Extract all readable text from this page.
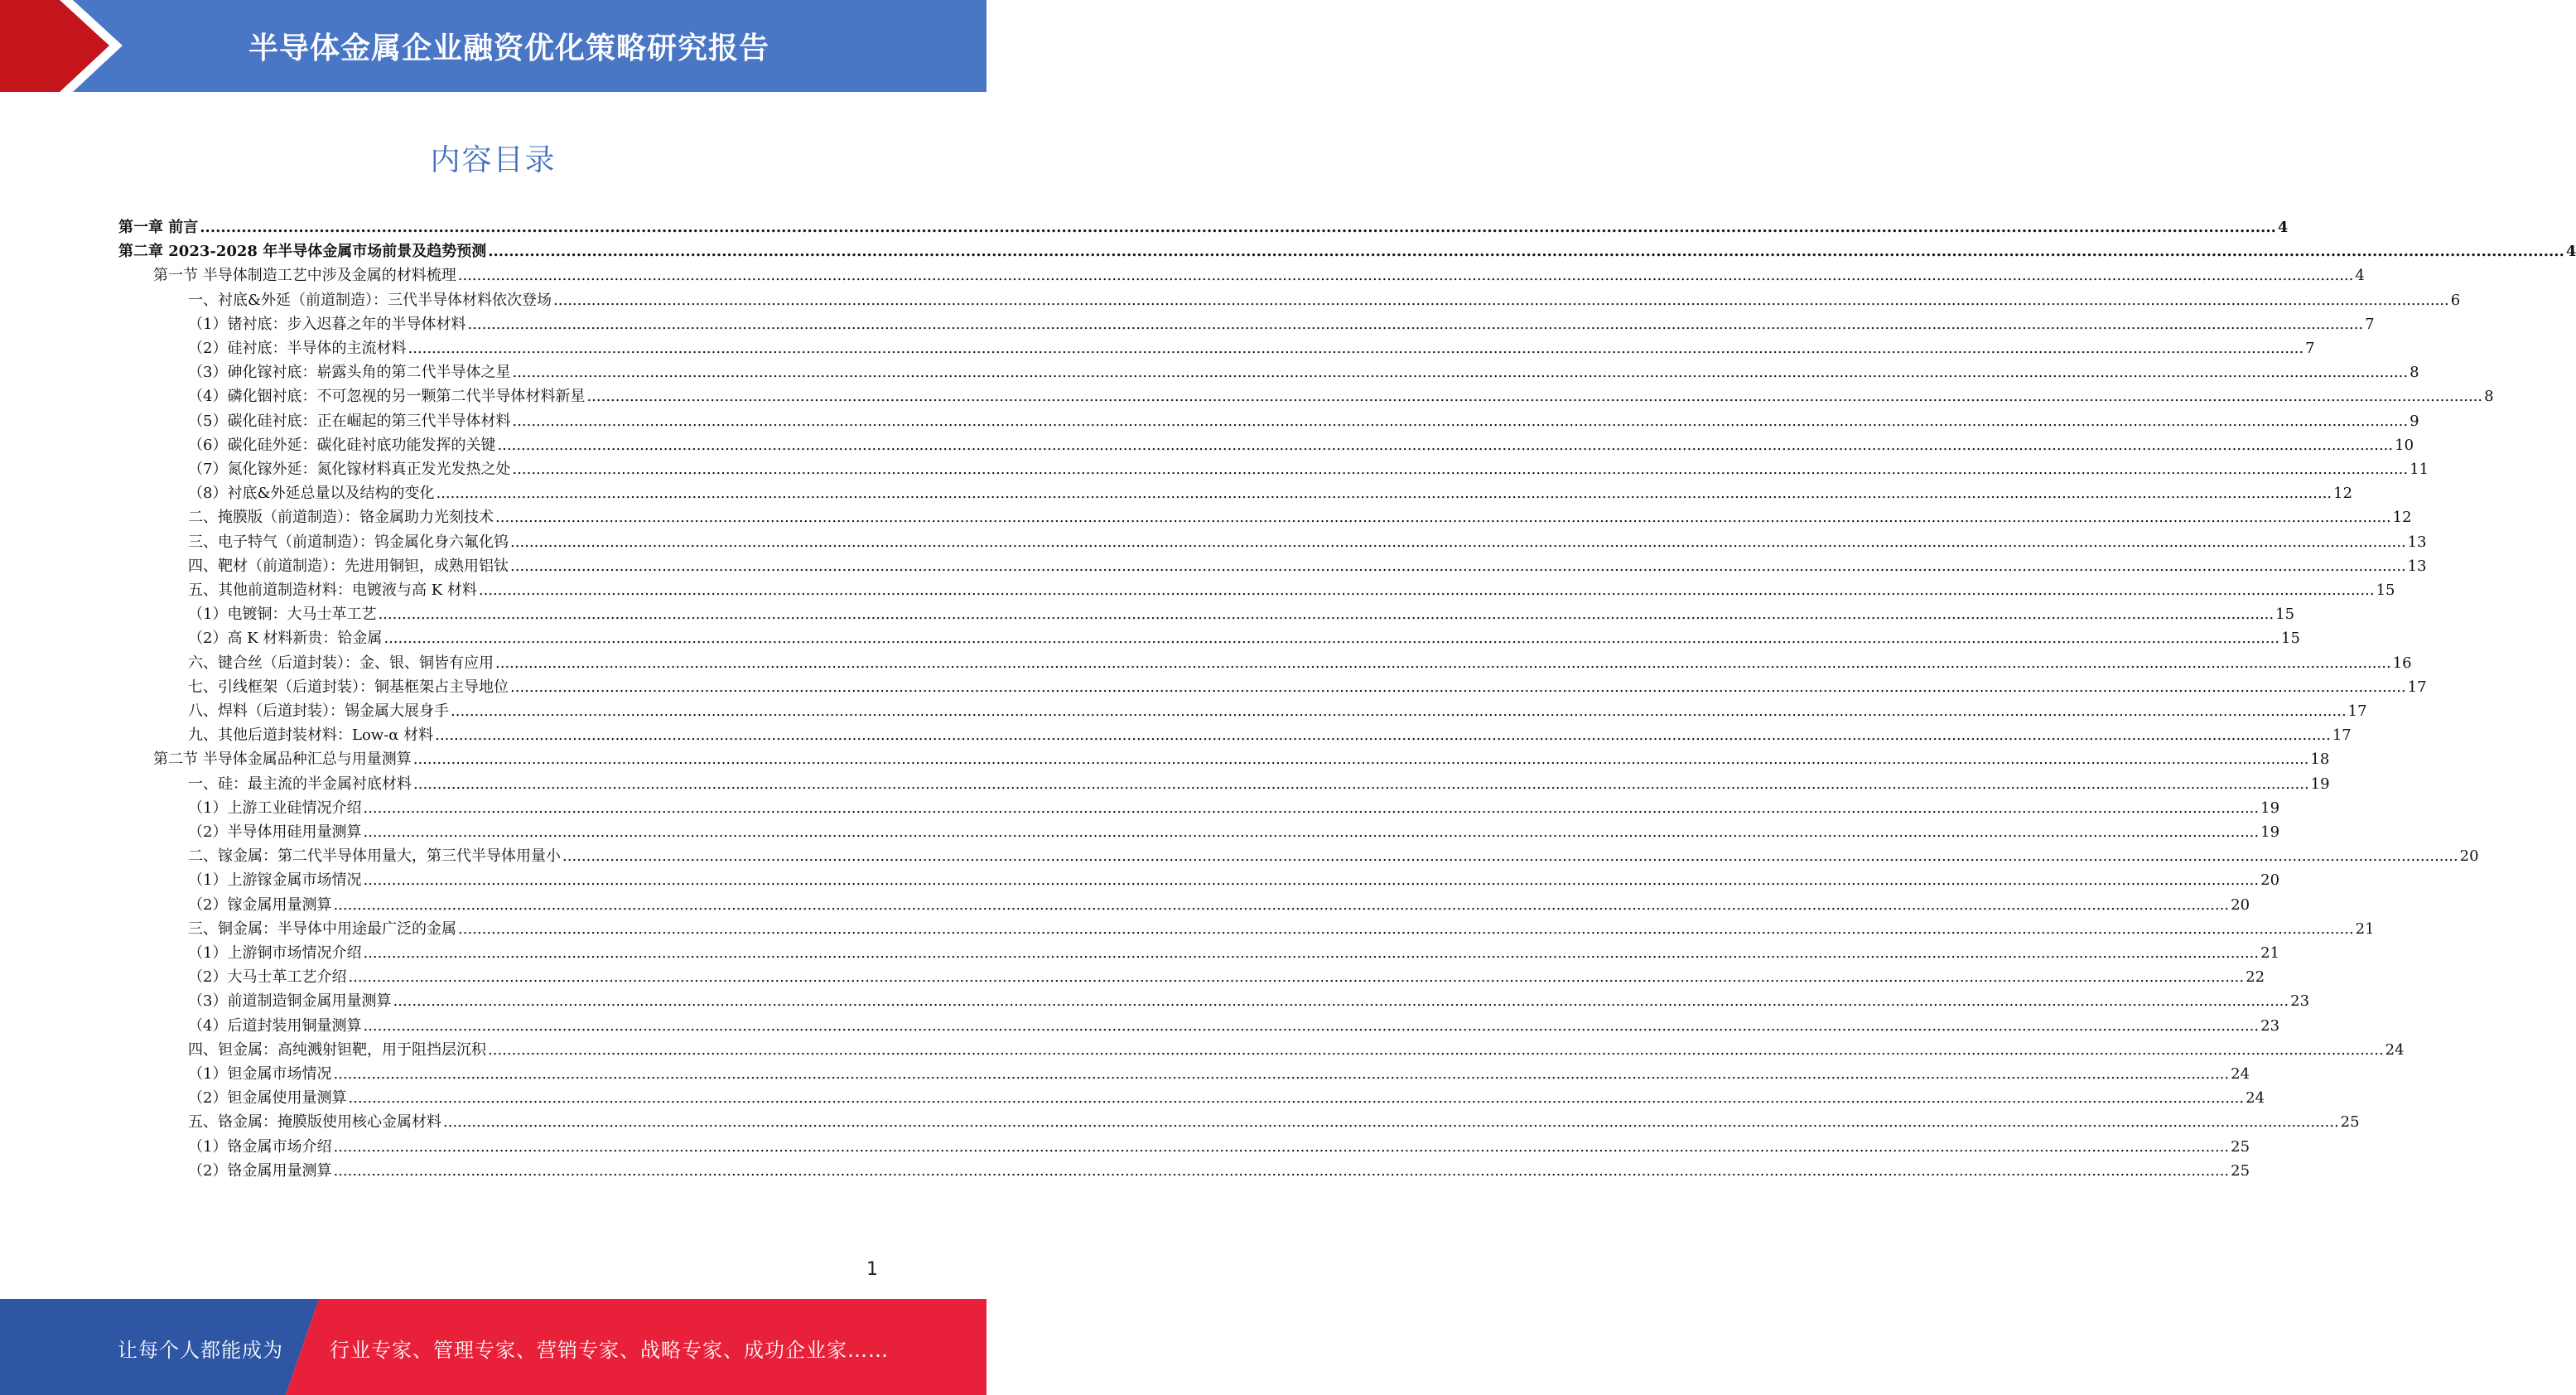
半导体金属企业融资优化策略研究报告
内容目录
第一章 前言 ................................................................................................................................................................................................................................................................................................................................................................................................................ 4
第二章 2023-2028 年半导体金属市场前景及趋势预测 ................................................................................................................................................................................................................................................................................................................................................................................................................ 4
第一节 半导体制造工艺中涉及金属的材料梳理 ................................................................................................................................................................................................................................................................................................................................................................................................................ 4
一、衬底&外延（前道制造）：三代半导体材料依次登场 ................................................................................................................................................................................................................................................................................................................................................................................................................ 6
（1）锗衬底：步入迟暮之年的半导体材料 ................................................................................................................................................................................................................................................................................................................................................................................................................ 7
（2）硅衬底：半导体的主流材料 ................................................................................................................................................................................................................................................................................................................................................................................................................ 7
（3）砷化镓衬底：崭露头角的第二代半导体之星 ................................................................................................................................................................................................................................................................................................................................................................................................................ 8
（4）磷化铟衬底：不可忽视的另一颗第二代半导体材料新星 ................................................................................................................................................................................................................................................................................................................................................................................................................ 8
（5）碳化硅衬底：正在崛起的第三代半导体材料 ................................................................................................................................................................................................................................................................................................................................................................................................................ 9
（6）碳化硅外延：碳化硅衬底功能发挥的关键 ................................................................................................................................................................................................................................................................................................................................................................................................................ 10
（7）氮化镓外延：氮化镓材料真正发光发热之处 ................................................................................................................................................................................................................................................................................................................................................................................................................ 11
（8）衬底&外延总量以及结构的变化 ................................................................................................................................................................................................................................................................................................................................................................................................................ 12
二、掩膜版（前道制造）：铬金属助力光刻技术 ................................................................................................................................................................................................................................................................................................................................................................................................................ 12
三、电子特气（前道制造）：钨金属化身六氟化钨 ................................................................................................................................................................................................................................................................................................................................................................................................................ 13
四、靶材（前道制造）：先进用铜钽，成熟用铝钛 ................................................................................................................................................................................................................................................................................................................................................................................................................ 13
五、其他前道制造材料：电镀液与高 K 材料 ................................................................................................................................................................................................................................................................................................................................................................................................................ 15
（1）电镀铜：大马士革工艺 ................................................................................................................................................................................................................................................................................................................................................................................................................ 15
（2）高 K 材料新贵：铪金属 ................................................................................................................................................................................................................................................................................................................................................................................................................ 15
六、键合丝（后道封装）：金、银、铜皆有应用 ................................................................................................................................................................................................................................................................................................................................................................................................................ 16
七、引线框架（后道封装）：铜基框架占主导地位 ................................................................................................................................................................................................................................................................................................................................................................................................................ 17
八、焊料（后道封装）：锡金属大展身手 ................................................................................................................................................................................................................................................................................................................................................................................................................ 17
九、其他后道封装材料：Low-α 材料 ................................................................................................................................................................................................................................................................................................................................................................................................................ 17
第二节 半导体金属品种汇总与用量测算 ................................................................................................................................................................................................................................................................................................................................................................................................................ 18
一、硅：最主流的半金属衬底材料 ................................................................................................................................................................................................................................................................................................................................................................................................................ 19
（1）上游工业硅情况介绍 ................................................................................................................................................................................................................................................................................................................................................................................................................ 19
（2）半导体用硅用量测算 ................................................................................................................................................................................................................................................................................................................................................................................................................ 19
二、镓金属：第二代半导体用量大，第三代半导体用量小 ................................................................................................................................................................................................................................................................................................................................................................................................................ 20
（1）上游镓金属市场情况 ................................................................................................................................................................................................................................................................................................................................................................................................................ 20
（2）镓金属用量测算 ................................................................................................................................................................................................................................................................................................................................................................................................................ 20
三、铜金属：半导体中用途最广泛的金属 ................................................................................................................................................................................................................................................................................................................................................................................................................ 21
（1）上游铜市场情况介绍 ................................................................................................................................................................................................................................................................................................................................................................................................................ 21
（2）大马士革工艺介绍 ................................................................................................................................................................................................................................................................................................................................................................................................................ 22
（3）前道制造铜金属用量测算 ................................................................................................................................................................................................................................................................................................................................................................................................................ 23
（4）后道封装用铜量测算 ................................................................................................................................................................................................................................................................................................................................................................................................................ 23
四、钽金属：高纯溅射钽靶，用于阻挡层沉积 ................................................................................................................................................................................................................................................................................................................................................................................................................ 24
（1）钽金属市场情况 ................................................................................................................................................................................................................................................................................................................................................................................................................ 24
（2）钽金属使用量测算 ................................................................................................................................................................................................................................................................................................................................................................................................................ 24
五、铬金属：掩膜版使用核心金属材料 ................................................................................................................................................................................................................................................................................................................................................................................................................ 25
（1）铬金属市场介绍 ................................................................................................................................................................................................................................................................................................................................................................................................................ 25
（2）铬金属用量测算 ................................................................................................................................................................................................................................................................................................................................................................................................................ 25
1
让每个人都能成为 行业专家、管理专家、营销专家、战略专家、成功企业家……
